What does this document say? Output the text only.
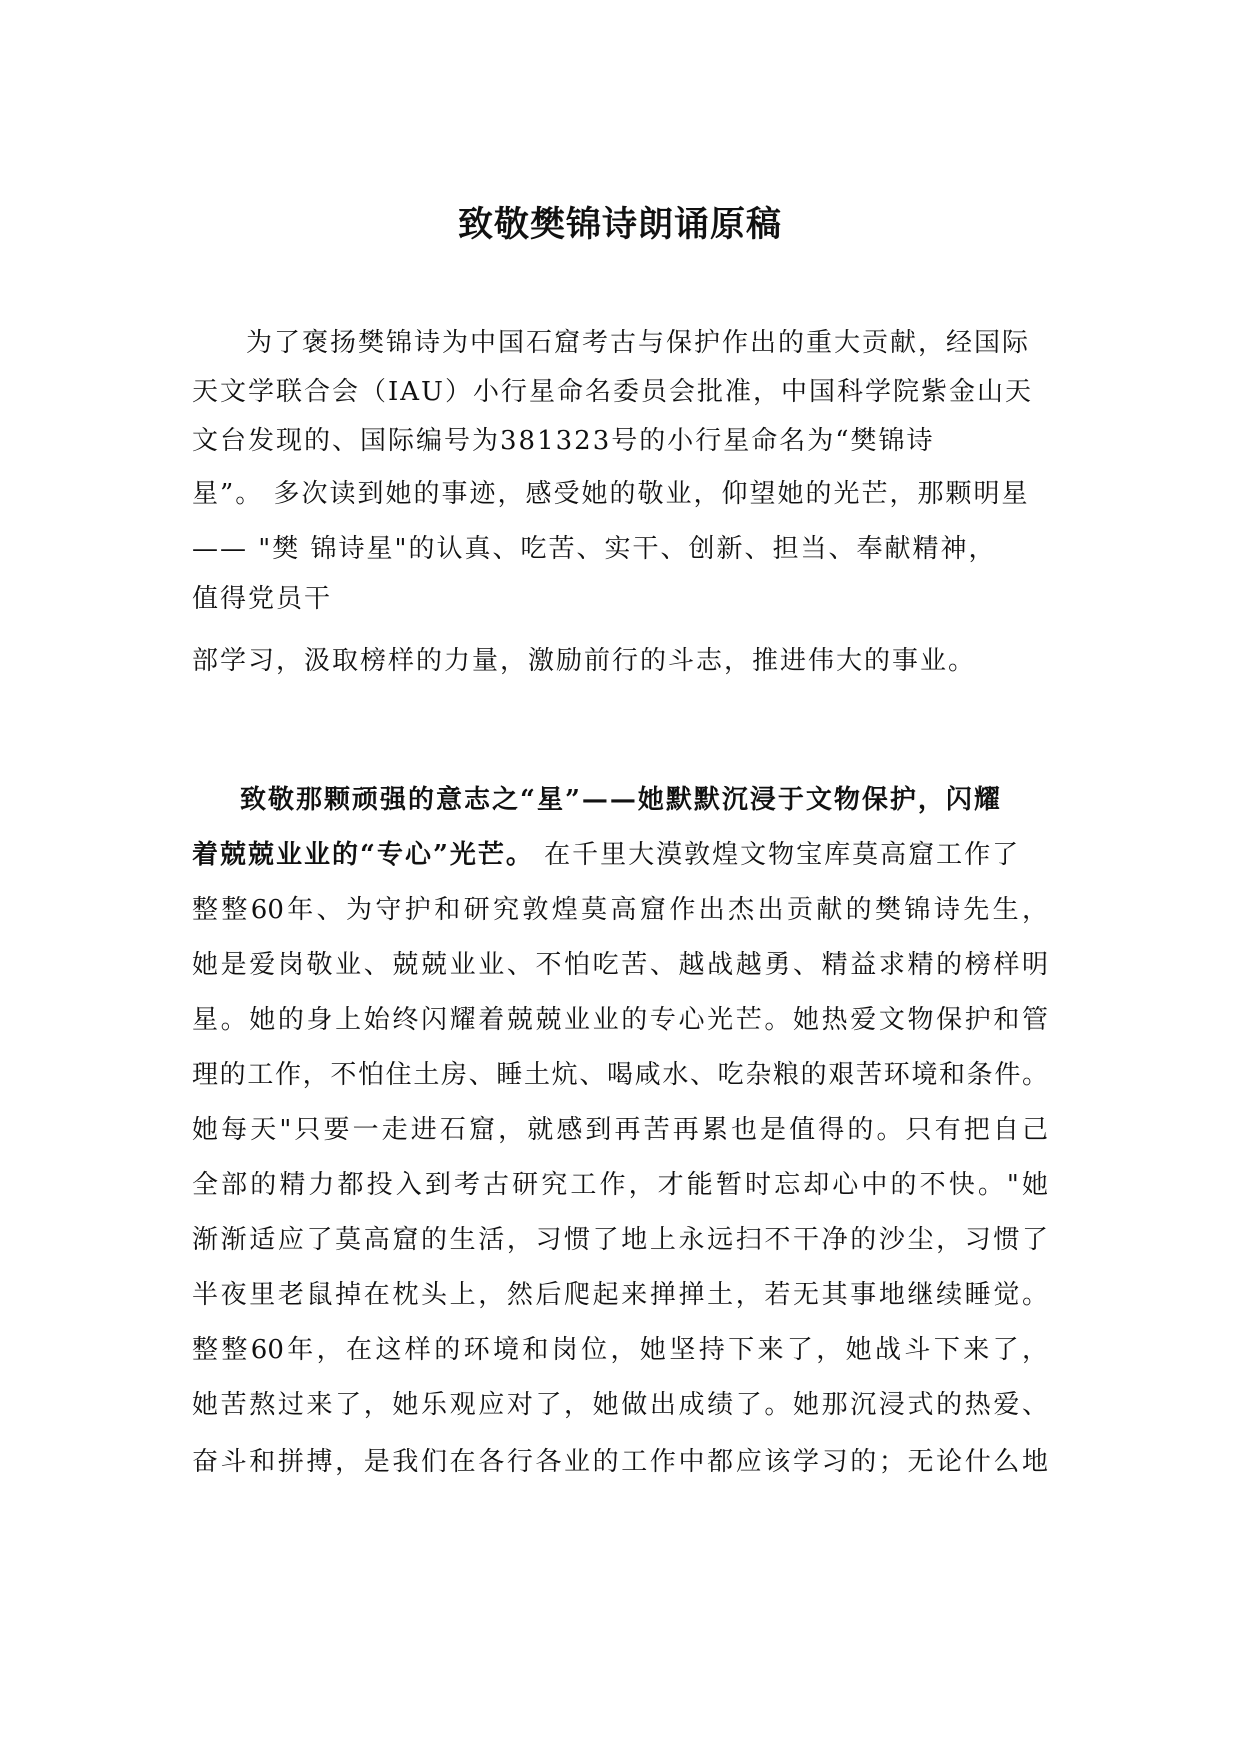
致敬樊锦诗朗诵原稿

为了褒扬樊锦诗为中国石窟考古与保护作出的重大贡献，经国际

天文学联合会（IAU）小行星命名委员会批准，中国科学院紫金山天

文台发现的、国际编号为381323号的小行星命名为“樊锦诗

星”。 多次读到她的事迹，感受她的敬业，仰望她的光芒，那颗明星

—— "樊 锦诗星"的认真、吃苦、实干、创新、担当、奉献精神，

值得党员干

部学习，汲取榜样的力量，激励前行的斗志，推进伟大的事业。

致敬那颗顽强的意志之“星”——她默默沉浸于文物保护，闪耀

着兢兢业业的“专心”光芒。 在千里大漠敦煌文物宝库莫高窟工作了

整整60年、为守护和研究敦煌莫高窟作出杰出贡献的樊锦诗先生，

她是爱岗敬业、兢兢业业、不怕吃苦、越战越勇、精益求精的榜样明

星。她的身上始终闪耀着兢兢业业的专心光芒。她热爱文物保护和管

理的工作，不怕住土房、睡土炕、喝咸水、吃杂粮的艰苦环境和条件。

她每天"只要一走进石窟，就感到再苦再累也是值得的。只有把自己

全部的精力都投入到考古研究工作，才能暂时忘却心中的不快。"她

渐渐适应了莫高窟的生活，习惯了地上永远扫不干净的沙尘，习惯了

半夜里老鼠掉在枕头上，然后爬起来掸掸土，若无其事地继续睡觉。

整整60年，在这样的环境和岗位，她坚持下来了，她战斗下来了，

她苦熬过来了，她乐观应对了，她做出成绩了。她那沉浸式的热爱、

奋斗和拼搏，是我们在各行各业的工作中都应该学习的；无论什么地
